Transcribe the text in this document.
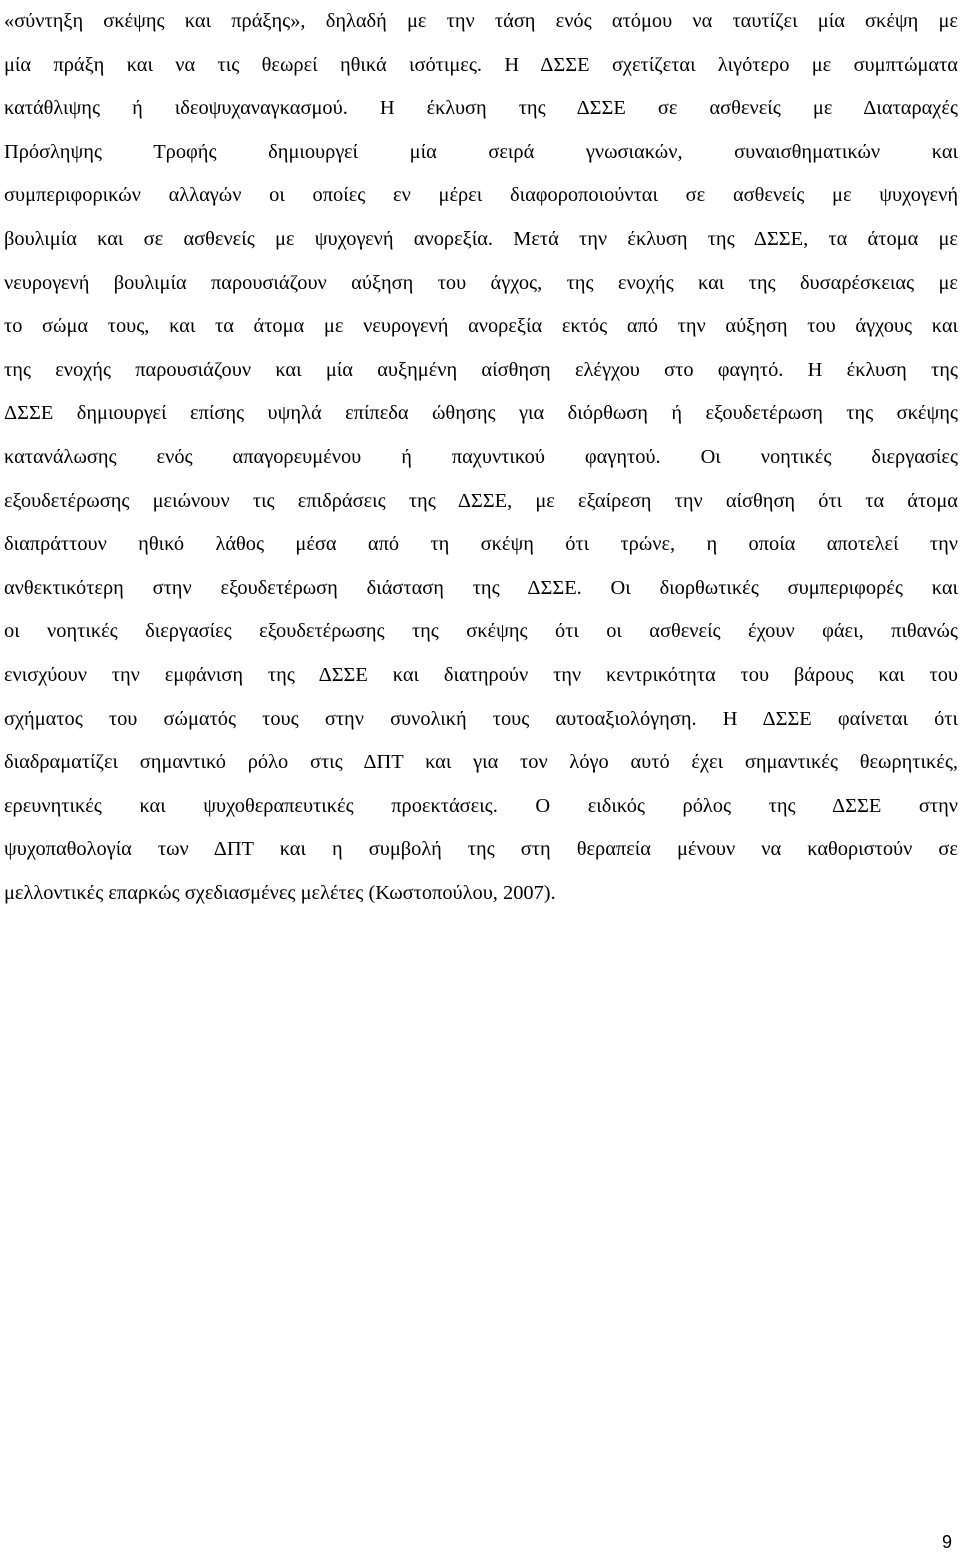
«σύντηξη σκέψης και πράξης», δηλαδή με την τάση ενός ατόμου να ταυτίζει μία σκέψη με
μία πράξη και να τις θεωρεί ηθικά ισότιμες. Η ΔΣΣΕ σχετίζεται λιγότερο με συμπτώματα
κατάθλιψης ή ιδεοψυχαναγκασμού. Η έκλυση της ΔΣΣΕ σε ασθενείς με Διαταραχές
Πρόσληψης Τροφής δημιουργεί μία σειρά γνωσιακών, συναισθηματικών και
συμπεριφορικών αλλαγών οι οποίες εν μέρει διαφοροποιούνται σε ασθενείς με ψυχογενή
βουλιμία και σε ασθενείς με ψυχογενή ανορεξία. Μετά την έκλυση της ΔΣΣΕ, τα άτομα με
νευρογενή βουλιμία παρουσιάζουν αύξηση του άγχος, της ενοχής και της δυσαρέσκειας με
το σώμα τους, και τα άτομα με νευρογενή ανορεξία εκτός από την αύξηση του άγχους και
της ενοχής παρουσιάζουν και μία αυξημένη αίσθηση ελέγχου στο φαγητό. Η έκλυση της
ΔΣΣΕ δημιουργεί επίσης υψηλά επίπεδα ώθησης για διόρθωση ή εξουδετέρωση της σκέψης
κατανάλωσης ενός απαγορευμένου ή παχυντικού φαγητού. Οι νοητικές διεργασίες
εξουδετέρωσης μειώνουν τις επιδράσεις της ΔΣΣΕ, με εξαίρεση την αίσθηση ότι τα άτομα
διαπράττουν ηθικό λάθος μέσα από τη σκέψη ότι τρώνε, η οποία αποτελεί την
ανθεκτικότερη στην εξουδετέρωση διάσταση της ΔΣΣΕ. Οι διορθωτικές συμπεριφορές και
οι νοητικές διεργασίες εξουδετέρωσης της σκέψης ότι οι ασθενείς έχουν φάει, πιθανώς
ενισχύουν την εμφάνιση της ΔΣΣΕ και διατηρούν την κεντρικότητα του βάρους και του
σχήματος του σώματός τους στην συνολική τους αυτοαξιολόγηση. Η ΔΣΣΕ φαίνεται ότι
διαδραματίζει σημαντικό ρόλο στις ΔΠΤ και για τον λόγο αυτό έχει σημαντικές θεωρητικές,
ερευνητικές και ψυχοθεραπευτικές προεκτάσεις. Ο ειδικός ρόλος της ΔΣΣΕ στην
ψυχοπαθολογία των ΔΠΤ και η συμβολή της στη θεραπεία μένουν να καθοριστούν σε
μελλοντικές επαρκώς σχεδιασμένες μελέτες (Κωστοπούλου, 2007).
9
